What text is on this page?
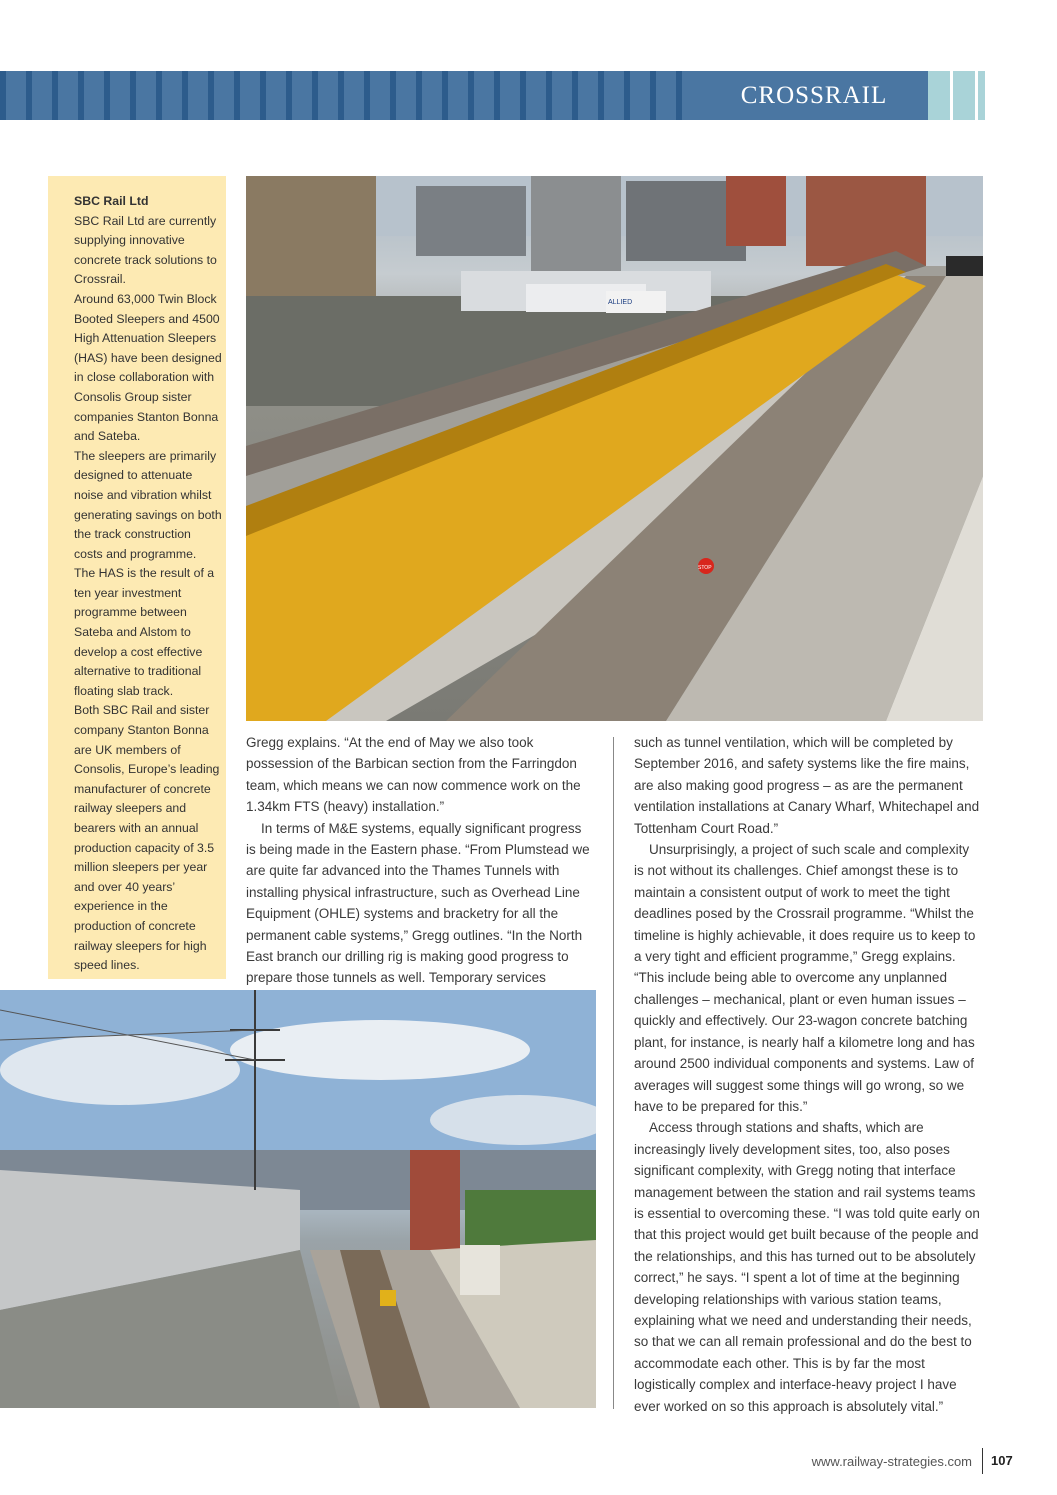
CROSSRAIL
SBC Rail Ltd

SBC Rail Ltd are currently supplying innovative concrete track solutions to Crossrail.

Around 63,000 Twin Block Booted Sleepers and 4500 High Attenuation Sleepers (HAS) have been designed in close collaboration with Consolis Group sister companies Stanton Bonna and Sateba.

The sleepers are primarily designed to attenuate noise and vibration whilst generating savings on both the track construction costs and programme.

The HAS is the result of a ten year investment programme between Sateba and Alstom to develop a cost effective alternative to traditional floating slab track.

Both SBC Rail and sister company Stanton Bonna are UK members of Consolis, Europe’s leading manufacturer of concrete railway sleepers and bearers with an annual production capacity of 3.5 million sleepers per year and over 40 years’ experience in the production of concrete railway sleepers for high speed lines.

ALLIED
STOP

Gregg explains. “At the end of May we also took possession of the Barbican section from the Farringdon team, which means we can now commence work on the 1.34km FTS (heavy) installation.”

In terms of M&E systems, equally significant progress is being made in the Eastern phase. “From Plumstead we are quite far advanced into the Thames Tunnels with installing physical infrastructure, such as Overhead Line Equipment (OHLE) systems and bracketry for all the permanent cable systems,” Gregg outlines. “In the North East branch our drilling rig is making good progress to prepare those tunnels as well. Temporary services

such as tunnel ventilation, which will be completed by September 2016, and safety systems like the fire mains, are also making good progress – as are the permanent ventilation installations at Canary Wharf, Whitechapel and Tottenham Court Road.”

Unsurprisingly, a project of such scale and complexity is not without its challenges. Chief amongst these is to maintain a consistent output of work to meet the tight deadlines posed by the Crossrail programme. “Whilst the timeline is highly achievable, it does require us to keep to a very tight and efficient programme,” Gregg explains. “This include being able to overcome any unplanned challenges – mechanical, plant or even human issues – quickly and effectively. Our 23-wagon concrete batching plant, for instance, is nearly half a kilometre long and has around 2500 individual components and systems. Law of averages will suggest some things will go wrong, so we have to be prepared for this.”

Access through stations and shafts, which are increasingly lively development sites, too, also poses significant complexity, with Gregg noting that interface management between the station and rail systems teams is essential to overcoming these. “I was told quite early on that this project would get built because of the people and the relationships, and this has turned out to be absolutely correct,” he says. “I spent a lot of time at the beginning developing relationships with various station teams, explaining what we need and understanding their needs, so that we can all remain professional and do the best to accommodate each other. This is by far the most logistically complex and interface-heavy project I have ever worked on so this approach is absolutely vital.”

www.railway-strategies.com 107
